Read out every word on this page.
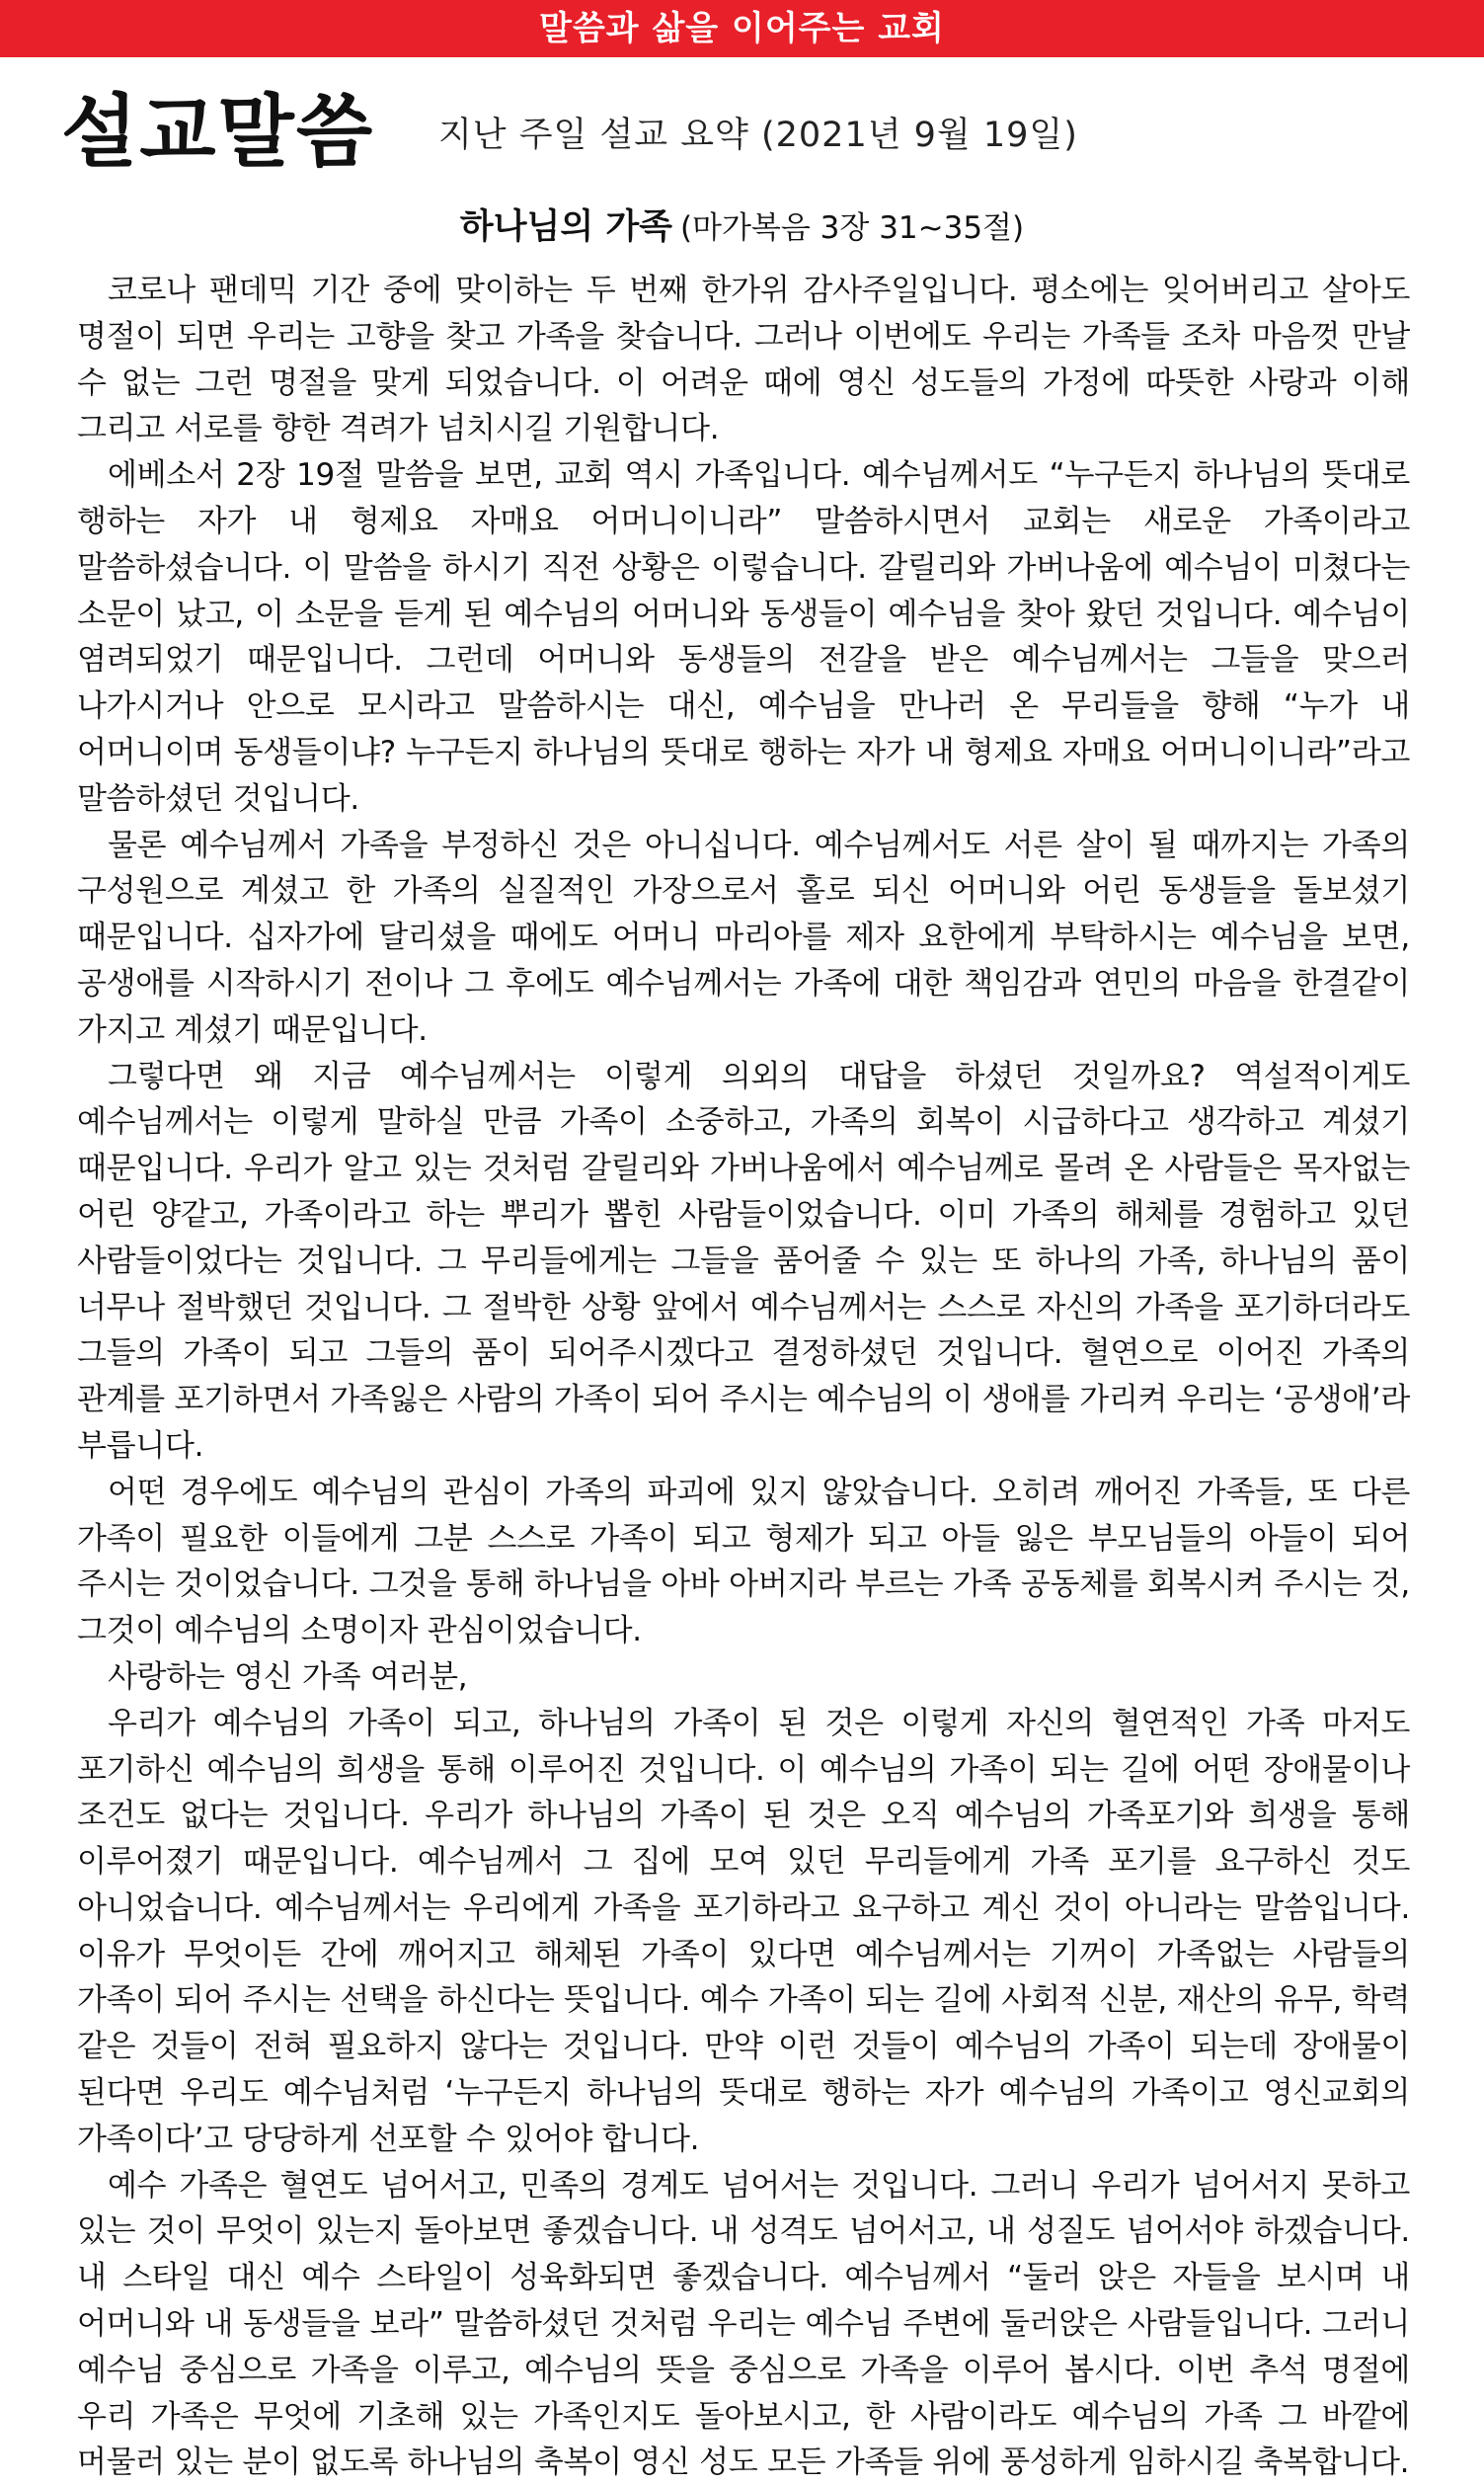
말씀과 삶을 이어주는 교회
설교말씀 지난 주일 설교 요약 (2021년 9월 19일)
하나님의 가족 (마가복음 3장 31~35절)

코로나 팬데믹 기간 중에 맞이하는 두 번째 한가위 감사주일입니다. 평소에는 잊어버리고 살아도 명절이 되면 우리는 고향을 찾고 가족을 찾습니다. 그러나 이번에도 우리는 가족들 조차 마음껏 만날 수 없는 그런 명절을 맞게 되었습니다. 이 어려운 때에 영신 성도들의 가정에 따뜻한 사랑과 이해 그리고 서로를 향한 격려가 넘치시길 기원합니다.

에베소서 2장 19절 말씀을 보면, 교회 역시 가족입니다. 예수님께서도 “누구든지 하나님의 뜻대로 행하는 자가 내 형제요 자매요 어머니이니라” 말씀하시면서 교회는 새로운 가족이라고 말씀하셨습니다. 이 말씀을 하시기 직전 상황은 이렇습니다. 갈릴리와 가버나움에 예수님이 미쳤다는 소문이 났고, 이 소문을 듣게 된 예수님의 어머니와 동생들이 예수님을 찾아 왔던 것입니다. 예수님이 염려되었기 때문입니다. 그런데 어머니와 동생들의 전갈을 받은 예수님께서는 그들을 맞으러 나가시거나 안으로 모시라고 말씀하시는 대신, 예수님을 만나러 온 무리들을 향해 “누가 내 어머니이며 동생들이냐? 누구든지 하나님의 뜻대로 행하는 자가 내 형제요 자매요 어머니이니라”라고 말씀하셨던 것입니다.

물론 예수님께서 가족을 부정하신 것은 아니십니다. 예수님께서도 서른 살이 될 때까지는 가족의 구성원으로 계셨고 한 가족의 실질적인 가장으로서 홀로 되신 어머니와 어린 동생들을 돌보셨기 때문입니다. 십자가에 달리셨을 때에도 어머니 마리아를 제자 요한에게 부탁하시는 예수님을 보면, 공생애를 시작하시기 전이나 그 후에도 예수님께서는 가족에 대한 책임감과 연민의 마음을 한결같이 가지고 계셨기 때문입니다.

그렇다면 왜 지금 예수님께서는 이렇게 의외의 대답을 하셨던 것일까요? 역설적이게도 예수님께서는 이렇게 말하실 만큼 가족이 소중하고, 가족의 회복이 시급하다고 생각하고 계셨기 때문입니다. 우리가 알고 있는 것처럼 갈릴리와 가버나움에서 예수님께로 몰려 온 사람들은 목자없는 어린 양같고, 가족이라고 하는 뿌리가 뽑힌 사람들이었습니다. 이미 가족의 해체를 경험하고 있던 사람들이었다는 것입니다. 그 무리들에게는 그들을 품어줄 수 있는 또 하나의 가족, 하나님의 품이 너무나 절박했던 것입니다. 그 절박한 상황 앞에서 예수님께서는 스스로 자신의 가족을 포기하더라도 그들의 가족이 되고 그들의 품이 되어주시겠다고 결정하셨던 것입니다. 혈연으로 이어진 가족의 관계를 포기하면서 가족잃은 사람의 가족이 되어 주시는 예수님의 이 생애를 가리켜 우리는 ‘공생애’라 부릅니다.

어떤 경우에도 예수님의 관심이 가족의 파괴에 있지 않았습니다. 오히려 깨어진 가족들, 또 다른 가족이 필요한 이들에게 그분 스스로 가족이 되고 형제가 되고 아들 잃은 부모님들의 아들이 되어 주시는 것이었습니다. 그것을 통해 하나님을 아바 아버지라 부르는 가족 공동체를 회복시켜 주시는 것, 그것이 예수님의 소명이자 관심이었습니다.

사랑하는 영신 가족 여러분,

우리가 예수님의 가족이 되고, 하나님의 가족이 된 것은 이렇게 자신의 혈연적인 가족 마저도 포기하신 예수님의 희생을 통해 이루어진 것입니다. 이 예수님의 가족이 되는 길에 어떤 장애물이나 조건도 없다는 것입니다. 우리가 하나님의 가족이 된 것은 오직 예수님의 가족포기와 희생을 통해 이루어졌기 때문입니다. 예수님께서 그 집에 모여 있던 무리들에게 가족 포기를 요구하신 것도 아니었습니다. 예수님께서는 우리에게 가족을 포기하라고 요구하고 계신 것이 아니라는 말씀입니다. 이유가 무엇이든 간에 깨어지고 해체된 가족이 있다면 예수님께서는 기꺼이 가족없는 사람들의 가족이 되어 주시는 선택을 하신다는 뜻입니다. 예수 가족이 되는 길에 사회적 신분, 재산의 유무, 학력 같은 것들이 전혀 필요하지 않다는 것입니다. 만약 이런 것들이 예수님의 가족이 되는데 장애물이 된다면 우리도 예수님처럼 ‘누구든지 하나님의 뜻대로 행하는 자가 예수님의 가족이고 영신교회의 가족이다’고 당당하게 선포할 수 있어야 합니다.

예수 가족은 혈연도 넘어서고, 민족의 경계도 넘어서는 것입니다. 그러니 우리가 넘어서지 못하고 있는 것이 무엇이 있는지 돌아보면 좋겠습니다. 내 성격도 넘어서고, 내 성질도 넘어서야 하겠습니다. 내 스타일 대신 예수 스타일이 성육화되면 좋겠습니다. 예수님께서 “둘러 앉은 자들을 보시며 내 어머니와 내 동생들을 보라” 말씀하셨던 것처럼 우리는 예수님 주변에 둘러앉은 사람들입니다. 그러니 예수님 중심으로 가족을 이루고, 예수님의 뜻을 중심으로 가족을 이루어 봅시다. 이번 추석 명절에 우리 가족은 무엇에 기초해 있는 가족인지도 돌아보시고, 한 사람이라도 예수님의 가족 그 바깥에 머물러 있는 분이 없도록 하나님의 축복이 영신 성도 모든 가족들 위에 풍성하게 임하시길 축복합니다.
